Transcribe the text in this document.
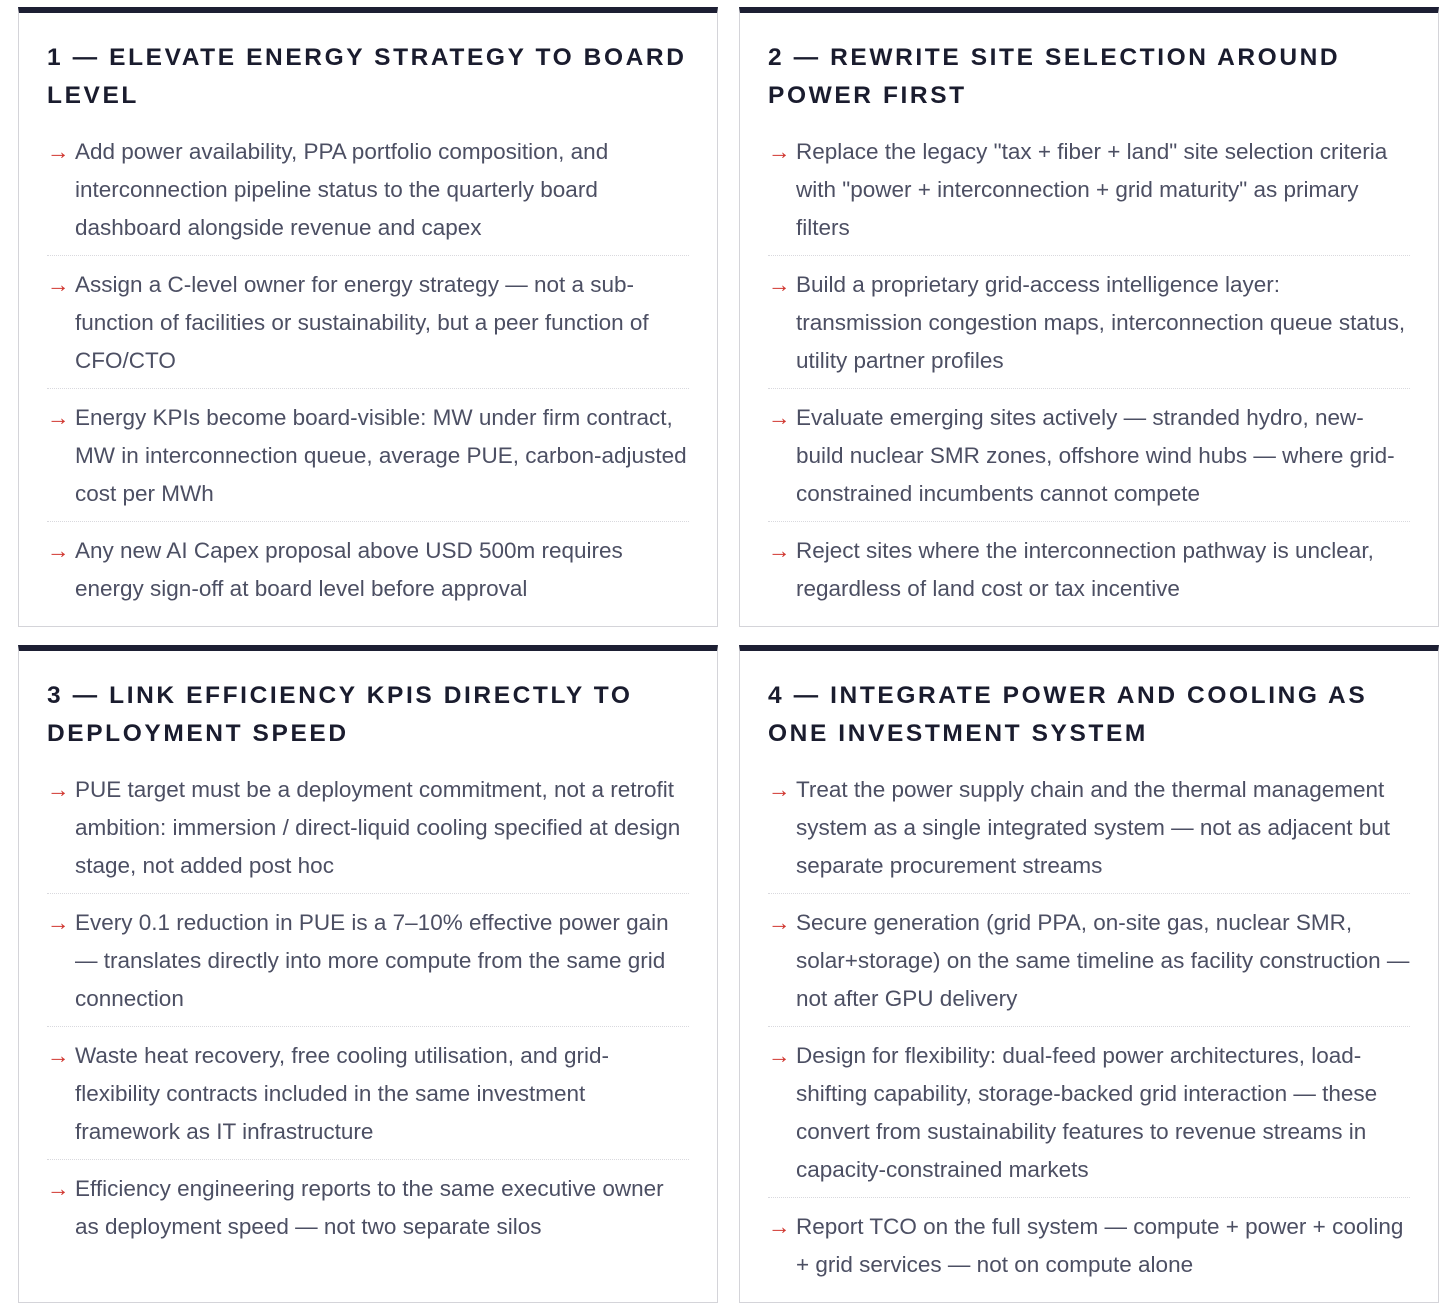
1 — ELEVATE ENERGY STRATEGY TO BOARD LEVEL
→ Add power availability, PPA portfolio composition, and interconnection pipeline status to the quarterly board dashboard alongside revenue and capex
→ Assign a C-level owner for energy strategy — not a sub-function of facilities or sustainability, but a peer function of CFO/CTO
→ Energy KPIs become board-visible: MW under firm contract, MW in interconnection queue, average PUE, carbon-adjusted cost per MWh
→ Any new AI Capex proposal above USD 500m requires energy sign-off at board level before approval
2 — REWRITE SITE SELECTION AROUND POWER FIRST
→ Replace the legacy "tax + fiber + land" site selection criteria with "power + interconnection + grid maturity" as primary filters
→ Build a proprietary grid-access intelligence layer: transmission congestion maps, interconnection queue status, utility partner profiles
→ Evaluate emerging sites actively — stranded hydro, new-build nuclear SMR zones, offshore wind hubs — where grid-constrained incumbents cannot compete
→ Reject sites where the interconnection pathway is unclear, regardless of land cost or tax incentive
3 — LINK EFFICIENCY KPIS DIRECTLY TO DEPLOYMENT SPEED
→ PUE target must be a deployment commitment, not a retrofit ambition: immersion / direct-liquid cooling specified at design stage, not added post hoc
→ Every 0.1 reduction in PUE is a 7–10% effective power gain — translates directly into more compute from the same grid connection
→ Waste heat recovery, free cooling utilisation, and grid-flexibility contracts included in the same investment framework as IT infrastructure
→ Efficiency engineering reports to the same executive owner as deployment speed — not two separate silos
4 — INTEGRATE POWER AND COOLING AS ONE INVESTMENT SYSTEM
→ Treat the power supply chain and the thermal management system as a single integrated system — not as adjacent but separate procurement streams
→ Secure generation (grid PPA, on-site gas, nuclear SMR, solar+storage) on the same timeline as facility construction — not after GPU delivery
→ Design for flexibility: dual-feed power architectures, load-shifting capability, storage-backed grid interaction — these convert from sustainability features to revenue streams in capacity-constrained markets
→ Report TCO on the full system — compute + power + cooling + grid services — not on compute alone
